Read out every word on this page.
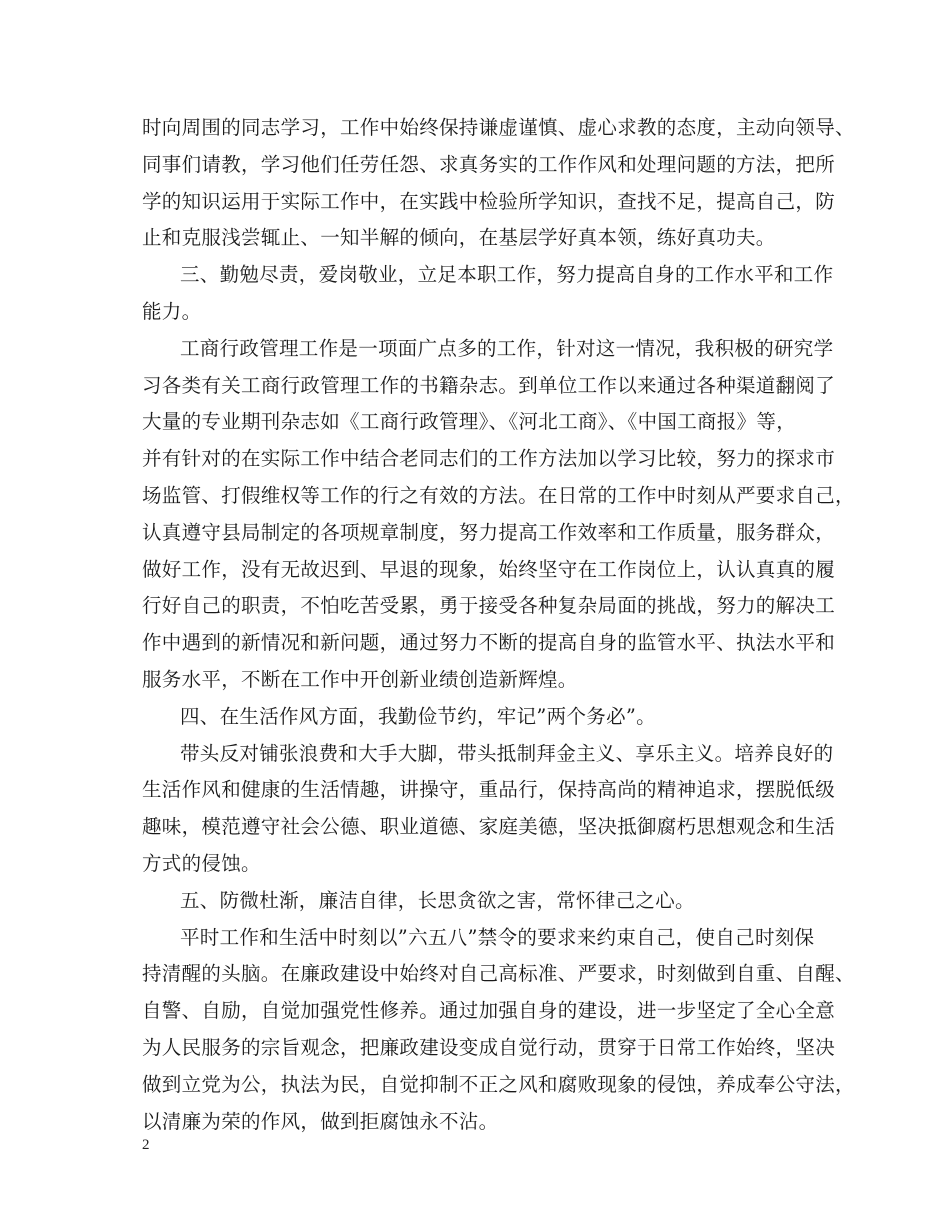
时向周围的同志学习，工作中始终保持谦虚谨慎、虚心求教的态度，主动向领导、
同事们请教，学习他们任劳任怨、求真务实的工作作风和处理问题的方法，把所
学的知识运用于实际工作中，在实践中检验所学知识，查找不足，提高自己，防
止和克服浅尝辄止、一知半解的倾向，在基层学好真本领，练好真功夫。
三、勤勉尽责，爱岗敬业，立足本职工作，努力提高自身的工作水平和工作
能力。
工商行政管理工作是一项面广点多的工作，针对这一情况，我积极的研究学
习各类有关工商行政管理工作的书籍杂志。到单位工作以来通过各种渠道翻阅了
大量的专业期刊杂志如《工商行政管理》、《河北工商》、《中国工商报》等，
并有针对的在实际工作中结合老同志们的工作方法加以学习比较，努力的探求市
场监管、打假维权等工作的行之有效的方法。在日常的工作中时刻从严要求自己，
认真遵守县局制定的各项规章制度，努力提高工作效率和工作质量，服务群众，
做好工作，没有无故迟到、早退的现象，始终坚守在工作岗位上，认认真真的履
行好自己的职责，不怕吃苦受累，勇于接受各种复杂局面的挑战，努力的解决工
作中遇到的新情况和新问题，通过努力不断的提高自身的监管水平、执法水平和
服务水平，不断在工作中开创新业绩创造新辉煌。
四、在生活作风方面，我勤俭节约，牢记”两个务必”。
带头反对铺张浪费和大手大脚，带头抵制拜金主义、享乐主义。培养良好的
生活作风和健康的生活情趣，讲操守，重品行，保持高尚的精神追求，摆脱低级
趣味，模范遵守社会公德、职业道德、家庭美德，坚决抵御腐朽思想观念和生活
方式的侵蚀。
五、防微杜渐，廉洁自律，长思贪欲之害，常怀律己之心。
平时工作和生活中时刻以”六五八”禁令的要求来约束自己，使自己时刻保
持清醒的头脑。在廉政建设中始终对自己高标准、严要求，时刻做到自重、自醒、
自警、自励，自觉加强党性修养。通过加强自身的建设，进一步坚定了全心全意
为人民服务的宗旨观念，把廉政建设变成自觉行动，贯穿于日常工作始终，坚决
做到立党为公，执法为民，自觉抑制不正之风和腐败现象的侵蚀，养成奉公守法，
以清廉为荣的作风，做到拒腐蚀永不沾。
2
